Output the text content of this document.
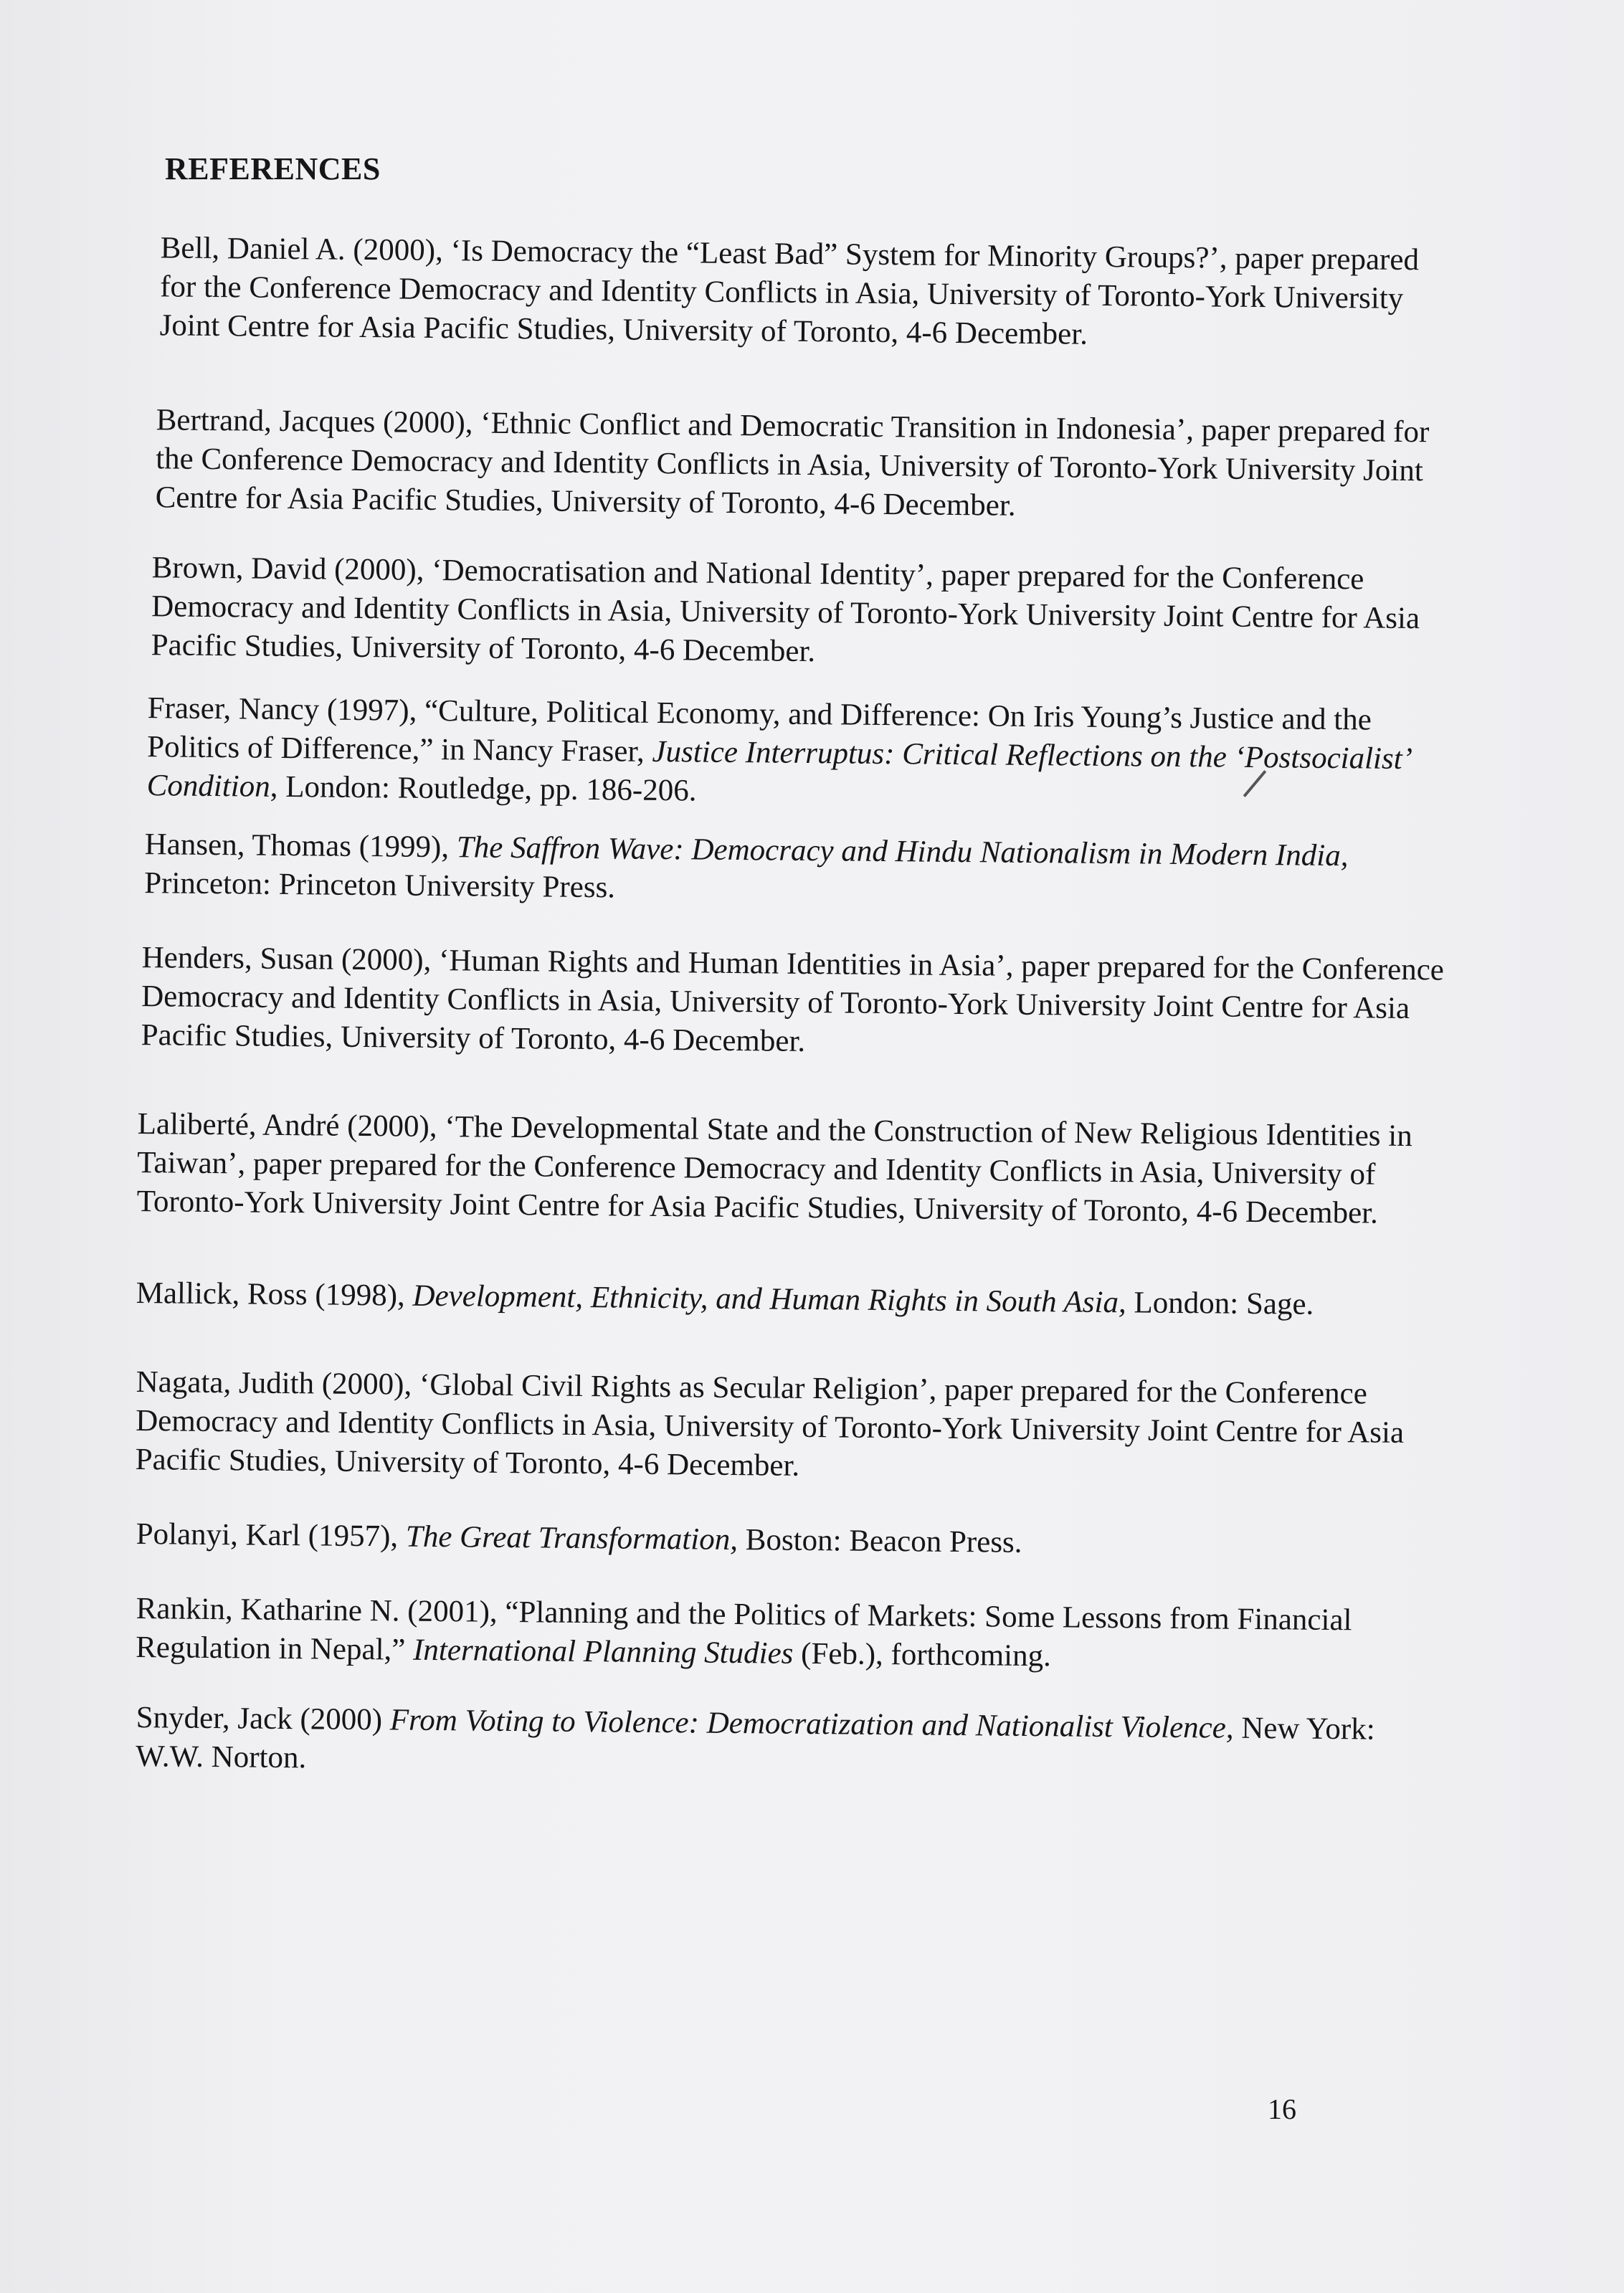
REFERENCES

Bell, Daniel A. (2000), ‘Is Democracy the “Least Bad” System for Minority Groups?’, paper prepared for the Conference Democracy and Identity Conflicts in Asia, University of Toronto-York University Joint Centre for Asia Pacific Studies, University of Toronto, 4-6 December.

Bertrand, Jacques (2000), ‘Ethnic Conflict and Democratic Transition in Indonesia’, paper prepared for the Conference Democracy and Identity Conflicts in Asia, University of Toronto-York University Joint Centre for Asia Pacific Studies, University of Toronto, 4-6 December.

Brown, David (2000), ‘Democratisation and National Identity’, paper prepared for the Conference Democracy and Identity Conflicts in Asia, University of Toronto-York University Joint Centre for Asia Pacific Studies, University of Toronto, 4-6 December.

Fraser, Nancy (1997), “Culture, Political Economy, and Difference: On Iris Young’s Justice and the Politics of Difference,” in Nancy Fraser, Justice Interruptus: Critical Reflections on the ‘Postsocialist’ Condition, London: Routledge, pp. 186-206.

Hansen, Thomas (1999), The Saffron Wave: Democracy and Hindu Nationalism in Modern India, Princeton: Princeton University Press.

Henders, Susan (2000), ‘Human Rights and Human Identities in Asia’, paper prepared for the Conference Democracy and Identity Conflicts in Asia, University of Toronto-York University Joint Centre for Asia Pacific Studies, University of Toronto, 4-6 December.

Laliberté, André (2000), ‘The Developmental State and the Construction of New Religious Identities in Taiwan’, paper prepared for the Conference Democracy and Identity Conflicts in Asia, University of Toronto-York University Joint Centre for Asia Pacific Studies, University of Toronto, 4-6 December.

Mallick, Ross (1998), Development, Ethnicity, and Human Rights in South Asia, London: Sage.

Nagata, Judith (2000), ‘Global Civil Rights as Secular Religion’, paper prepared for the Conference Democracy and Identity Conflicts in Asia, University of Toronto-York University Joint Centre for Asia Pacific Studies, University of Toronto, 4-6 December.

Polanyi, Karl (1957), The Great Transformation, Boston: Beacon Press.

Rankin, Katharine N. (2001), “Planning and the Politics of Markets: Some Lessons from Financial Regulation in Nepal,” International Planning Studies (Feb.), forthcoming.

Snyder, Jack (2000) From Voting to Violence: Democratization and Nationalist Violence, New York: W.W. Norton.

16
